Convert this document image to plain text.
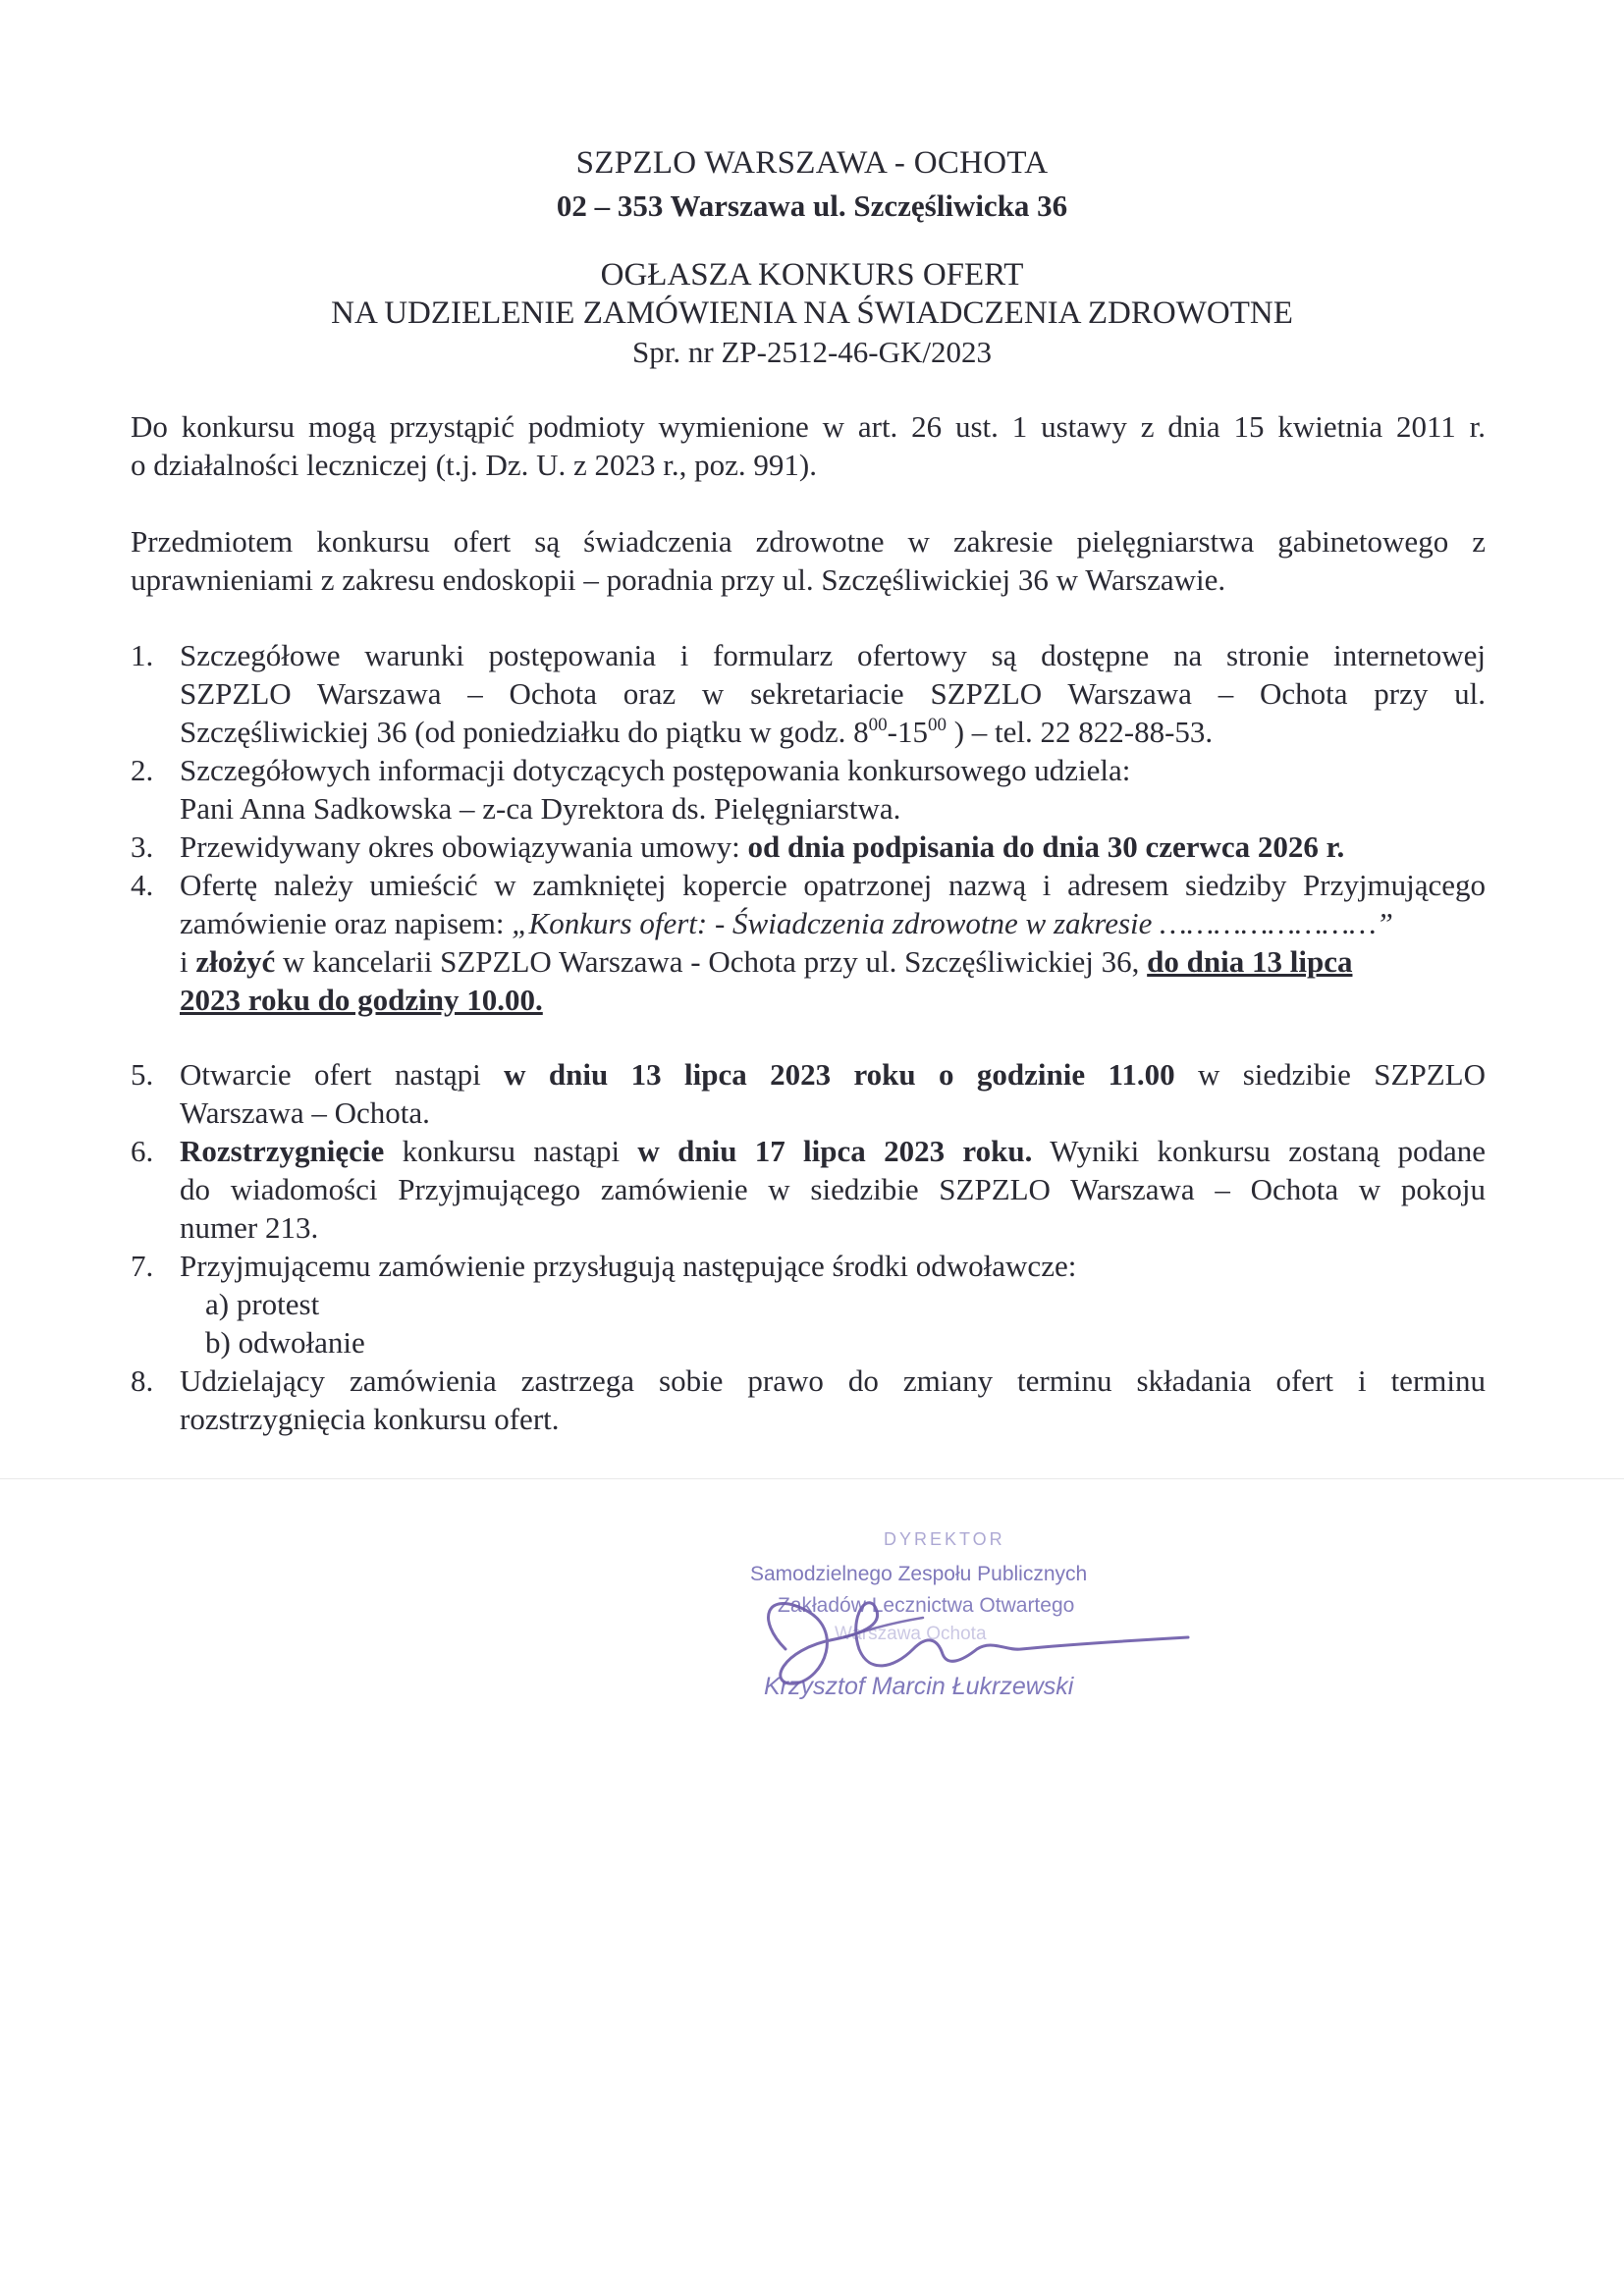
SZPZLO WARSZAWA - OCHOTA
02 – 353 Warszawa ul. Szczęśliwicka 36
OGŁASZA KONKURS OFERT
NA UDZIELENIE ZAMÓWIENIA NA ŚWIADCZENIA ZDROWOTNE
Spr. nr ZP-2512-46-GK/2023
Do konkursu mogą przystąpić podmioty wymienione w art. 26 ust. 1 ustawy z dnia 15 kwietnia 2011 r.
o działalności leczniczej (t.j. Dz. U. z 2023 r., poz. 991).
Przedmiotem konkursu ofert są świadczenia zdrowotne w zakresie pielęgniarstwa gabinetowego z
uprawnieniami z zakresu endoskopii – poradnia przy ul. Szczęśliwickiej 36 w Warszawie.
1. Szczegółowe warunki postępowania i formularz ofertowy są dostępne na stronie internetowej
SZPZLO Warszawa – Ochota oraz w sekretariacie SZPZLO Warszawa – Ochota przy ul.
Szczęśliwickiej 36 (od poniedziałku do piątku w godz. $8^{00}-15^{00}$ ) – tel. 22 822-88-53.
2. Szczegółowych informacji dotyczących postępowania konkursowego udziela:
Pani Anna Sadkowska – z-ca Dyrektora ds. Pielęgniarstwa.
3. Przewidywany okres obowiązywania umowy: od dnia podpisania do dnia 30 czerwca 2026 r.
4. Ofertę należy umieścić w zamkniętej kopercie opatrzonej nazwą i adresem siedziby Przyjmującego
zamówienie oraz napisem: „Konkurs ofert: - Świadczenia zdrowotne w zakresie ……………………”
i złożyć w kancelarii SZPZLO Warszawa - Ochota przy ul. Szczęśliwickiej 36, do dnia 13 lipca
2023 roku do godziny 10.00.
5. Otwarcie ofert nastąpi w dniu 13 lipca 2023 roku o godzinie 11.00 w siedzibie SZPZLO
Warszawa – Ochota.
6. Rozstrzygnięcie konkursu nastąpi w dniu 17 lipca 2023 roku. Wyniki konkursu zostaną podane
do wiadomości Przyjmującego zamówienie w siedzibie SZPZLO Warszawa – Ochota w pokoju
numer 213.
7. Przyjmującemu zamówienie przysługują następujące środki odwoławcze:
a) protest
b) odwołanie
8. Udzielający zamówienia zastrzega sobie prawo do zmiany terminu składania ofert i terminu
rozstrzygnięcia konkursu ofert.
DYREKTOR
Samodzielnego Zespołu Publicznych
Zakładów Lecznictwa Otwartego
Warszawa Ochota
Krzysztof Marcin Łukrzewski
